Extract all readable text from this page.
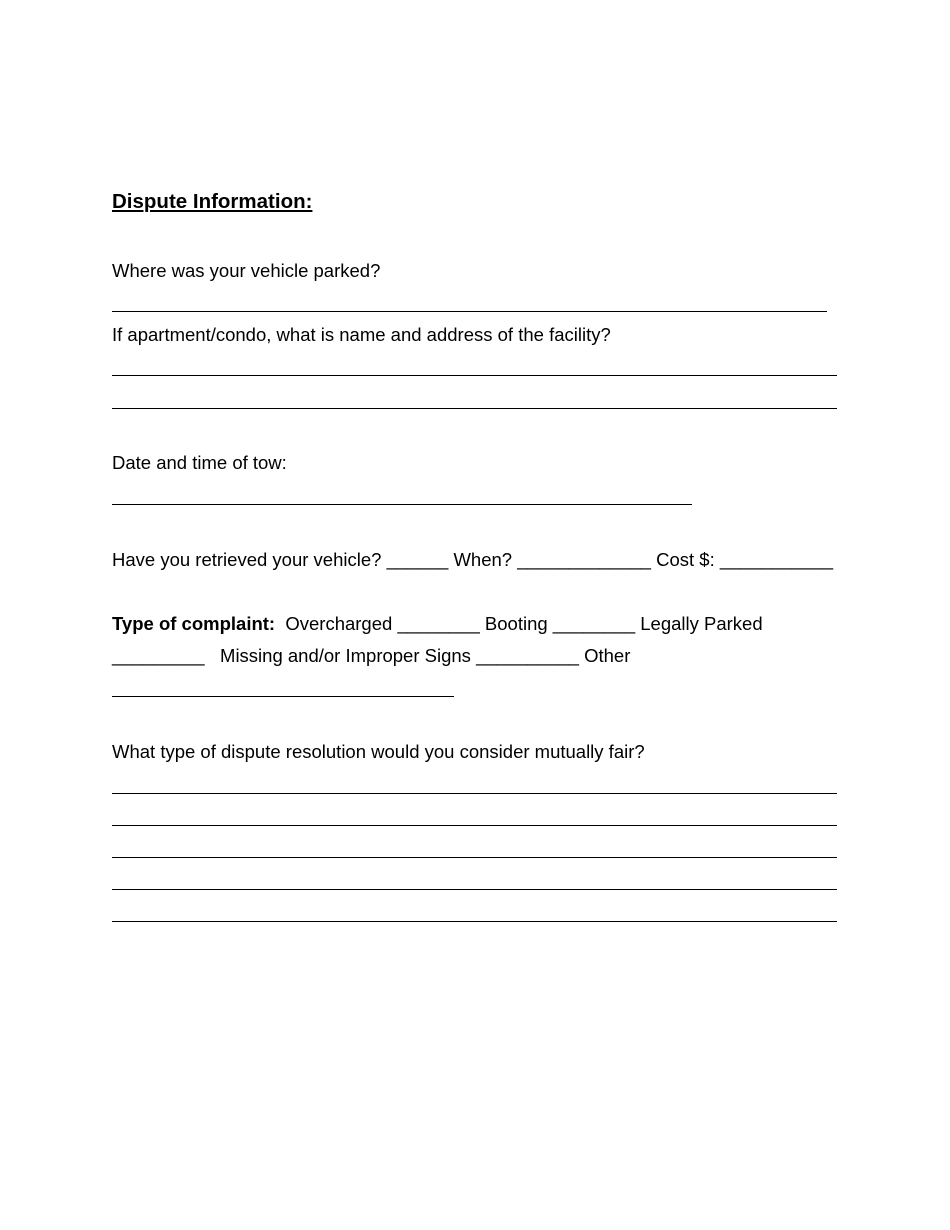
Dispute Information:
Where was your vehicle parked?
If apartment/condo, what is name and address of the facility?
Date and time of tow:
Have you retrieved your vehicle? ______ When? _____________ Cost $: ___________
Type of complaint: Overcharged ________ Booting ________ Legally Parked
_________ Missing and/or Improper Signs __________ Other
What type of dispute resolution would you consider mutually fair?
